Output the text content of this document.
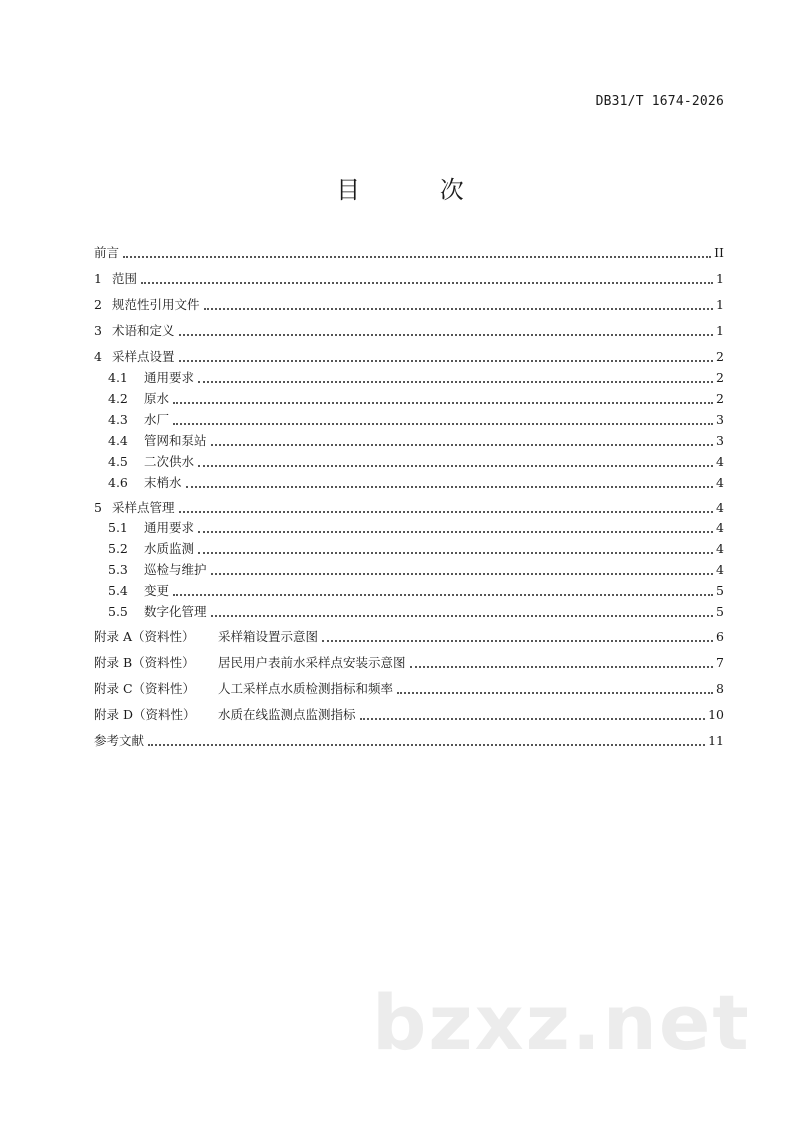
DB31/T 1674-2026
目 次
前言	II
1 范围	1
2 规范性引用文件	1
3 术语和定义	1
4 采样点设置	2
4.1	通用要求	2
4.2	原水	2
4.3	水厂	3
4.4	管网和泵站	3
4.5	二次供水	4
4.6	末梢水	4
5 采样点管理	4
5.1	通用要求	4
5.2	水质监测	4
5.3	巡检与维护	4
5.4	变更	5
5.5	数字化管理	5
附录 A（资料性）	采样箱设置示意图	6
附录 B（资料性）	居民用户表前水采样点安装示意图	7
附录 C（资料性）	人工采样点水质检测指标和频率	8
附录 D（资料性）	水质在线监测点监测指标	10
参考文献	11
bzxz.net
